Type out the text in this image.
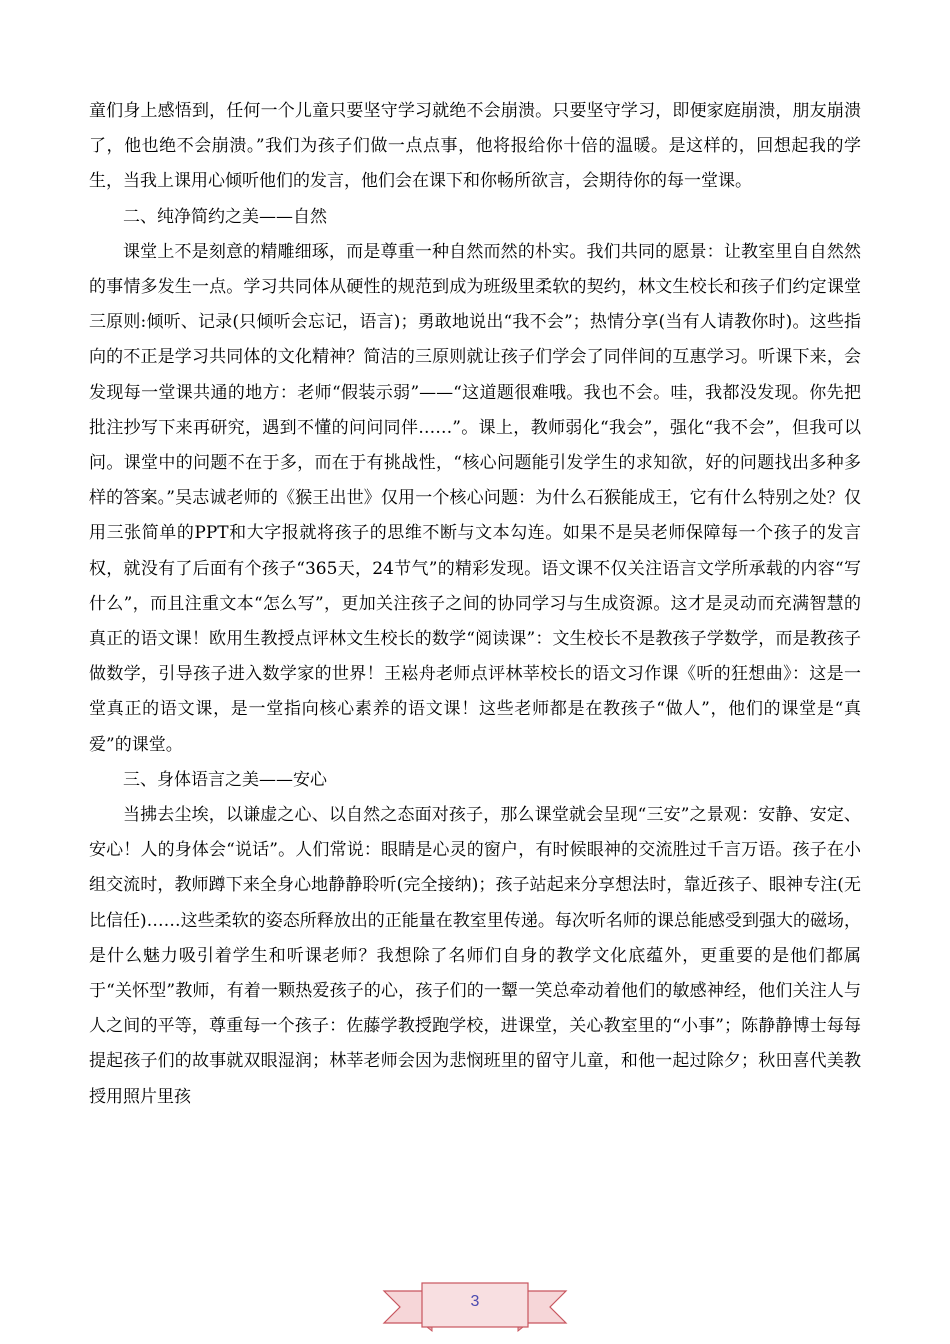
童们身上感悟到，任何一个儿童只要坚守学习就绝不会崩溃。只要坚守学习，即便家庭崩溃，朋友崩溃了，他也绝不会崩溃。”我们为孩子们做一点点事，他将报给你十倍的温暖。是这样的，回想起我的学生，当我上课用心倾听他们的发言，他们会在课下和你畅所欲言，会期待你的每一堂课。

二、纯净简约之美——自然

课堂上不是刻意的精雕细琢，而是尊重一种自然而然的朴实。我们共同的愿景：让教室里自自然然的事情多发生一点。学习共同体从硬性的规范到成为班级里柔软的契约，林文生校长和孩子们约定课堂三原则:倾听、记录(只倾听会忘记，语言)；勇敢地说出“我不会”；热情分享(当有人请教你时)。这些指向的不正是学习共同体的文化精神？简洁的三原则就让孩子们学会了同伴间的互惠学习。听课下来，会发现每一堂课共通的地方：老师“假装示弱”——“这道题很难哦。我也不会。哇，我都没发现。你先把批注抄写下来再研究，遇到不懂的问问同伴……”。课上，教师弱化“我会”，强化“我不会”，但我可以问。课堂中的问题不在于多，而在于有挑战性，“核心问题能引发学生的求知欲，好的问题找出多种多样的答案。”吴志诚老师的《猴王出世》仅用一个核心问题：为什么石猴能成王，它有什么特别之处？仅用三张简单的PPT和大字报就将孩子的思维不断与文本勾连。如果不是吴老师保障每一个孩子的发言权，就没有了后面有个孩子“365天，24节气”的精彩发现。语文课不仅关注语言文学所承载的内容“写什么”，而且注重文本“怎么写”，更加关注孩子之间的协同学习与生成资源。这才是灵动而充满智慧的真正的语文课！欧用生教授点评林文生校长的数学“阅读课”：文生校长不是教孩子学数学，而是教孩子做数学，引导孩子进入数学家的世界！王崧舟老师点评林莘校长的语文习作课《听的狂想曲》：这是一堂真正的语文课，是一堂指向核心素养的语文课！这些老师都是在教孩子“做人”，他们的课堂是“真爱”的课堂。

三、身体语言之美——安心

当拂去尘埃，以谦虚之心、以自然之态面对孩子，那么课堂就会呈现“三安”之景观：安静、安定、安心！人的身体会“说话”。人们常说：眼睛是心灵的窗户，有时候眼神的交流胜过千言万语。孩子在小组交流时，教师蹲下来全身心地静静聆听(完全接纳)；孩子站起来分享想法时，靠近孩子、眼神专注(无比信任)……这些柔软的姿态所释放出的正能量在教室里传递。每次听名师的课总能感受到强大的磁场，是什么魅力吸引着学生和听课老师？我想除了名师们自身的教学文化底蕴外，更重要的是他们都属于“关怀型”教师，有着一颗热爱孩子的心，孩子们的一颦一笑总牵动着他们的敏感神经，他们关注人与人之间的平等，尊重每一个孩子：佐藤学教授跑学校，进课堂，关心教室里的“小事”；陈静静博士每每提起孩子们的故事就双眼湿润；林莘老师会因为悲悯班里的留守儿童，和他一起过除夕；秋田喜代美教授用照片里孩

3
